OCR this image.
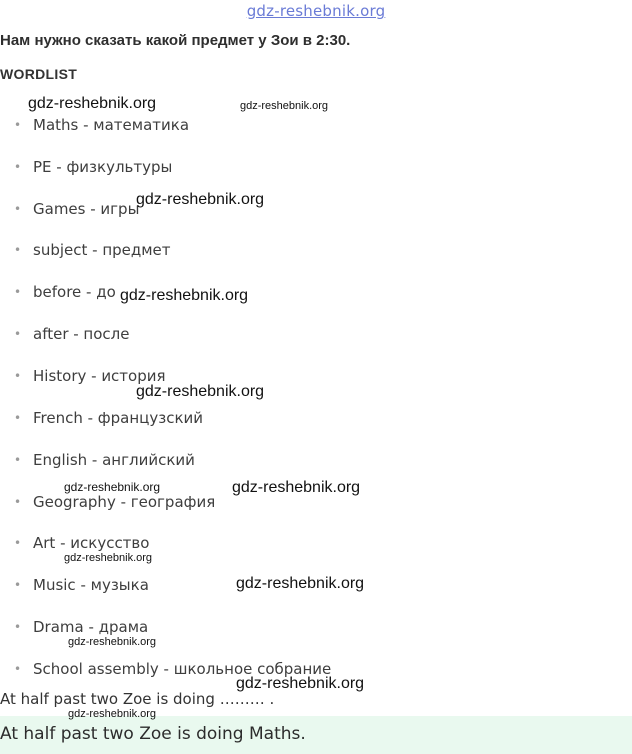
gdz-reshebnik.org
Нам нужно сказать какой предмет у Зои в 2:30.
WORDLIST
• Maths - математика
• PE - физкультуры
• Games - игры
• subject - предмет
• before - до
• after - после
• History - история
• French - французский
• English - английский
• Geography - география
• Art - искусство
• Music - музыка
• Drama - драма
• School assembly - школьное собрание
gdz-reshebnik.org	gdz-reshebnik.org
gdz-reshebnik.org
gdz-reshebnik.org
gdz-reshebnik.org
gdz-reshebnik.org	gdz-reshebnik.org
gdz-reshebnik.org
gdz-reshebnik.org
gdz-reshebnik.org
gdz-reshebnik.org

At half past two Zoe is doing ……… .

gdz-reshebnik.org

At half past two Zoe is doing Maths.
